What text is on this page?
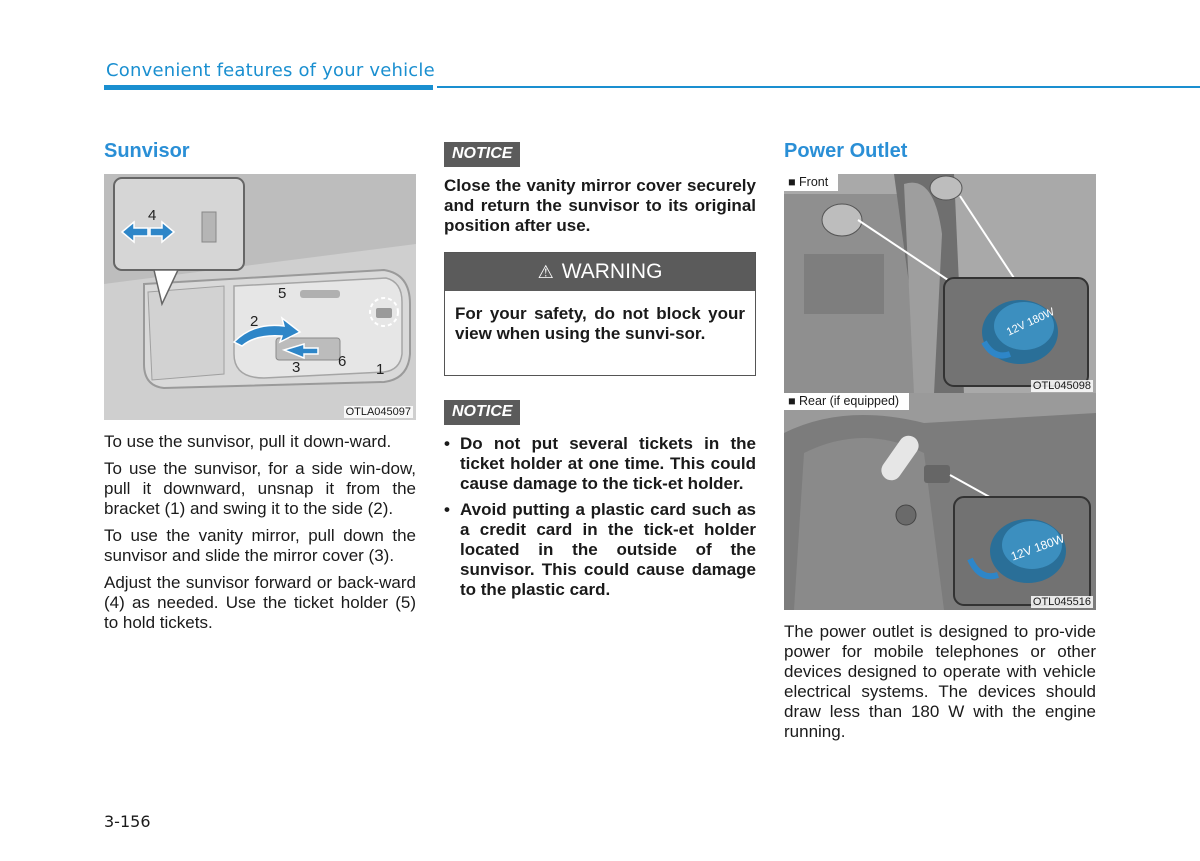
Convenient features of your vehicle
Sunvisor
4
5
2
3	6 1
OTLA045097

To use the sunvisor, pull it down-ward.

To use the sunvisor, for a side win-dow, pull it downward, unsnap it from the bracket (1) and swing it to the side (2).

To use the vanity mirror, pull down the sunvisor and slide the mirror cover (3).

Adjust the sunvisor forward or back-ward (4) as needed. Use the ticket holder (5) to hold tickets.

NOTICE
Close the vanity mirror cover securely and return the sunvisor to its original position after use.
⚠ WARNING
For your safety, do not block your view when using the sunvi-sor.
NOTICE
• Do not put several tickets in the ticket holder at one time. This could cause damage to the tick-et holder.
• Avoid putting a plastic card such as a credit card in the tick-et holder located in the outside of the sunvisor. This could cause damage to the plastic card.
Power Outlet
12V 180W
■ Front
OTL045098
12V 180W
■ Rear (if equipped)
OTL045516

The power outlet is designed to pro-vide power for mobile telephones or other devices designed to operate with vehicle electrical systems. The devices should draw less than 180 W with the engine running.

3-156
